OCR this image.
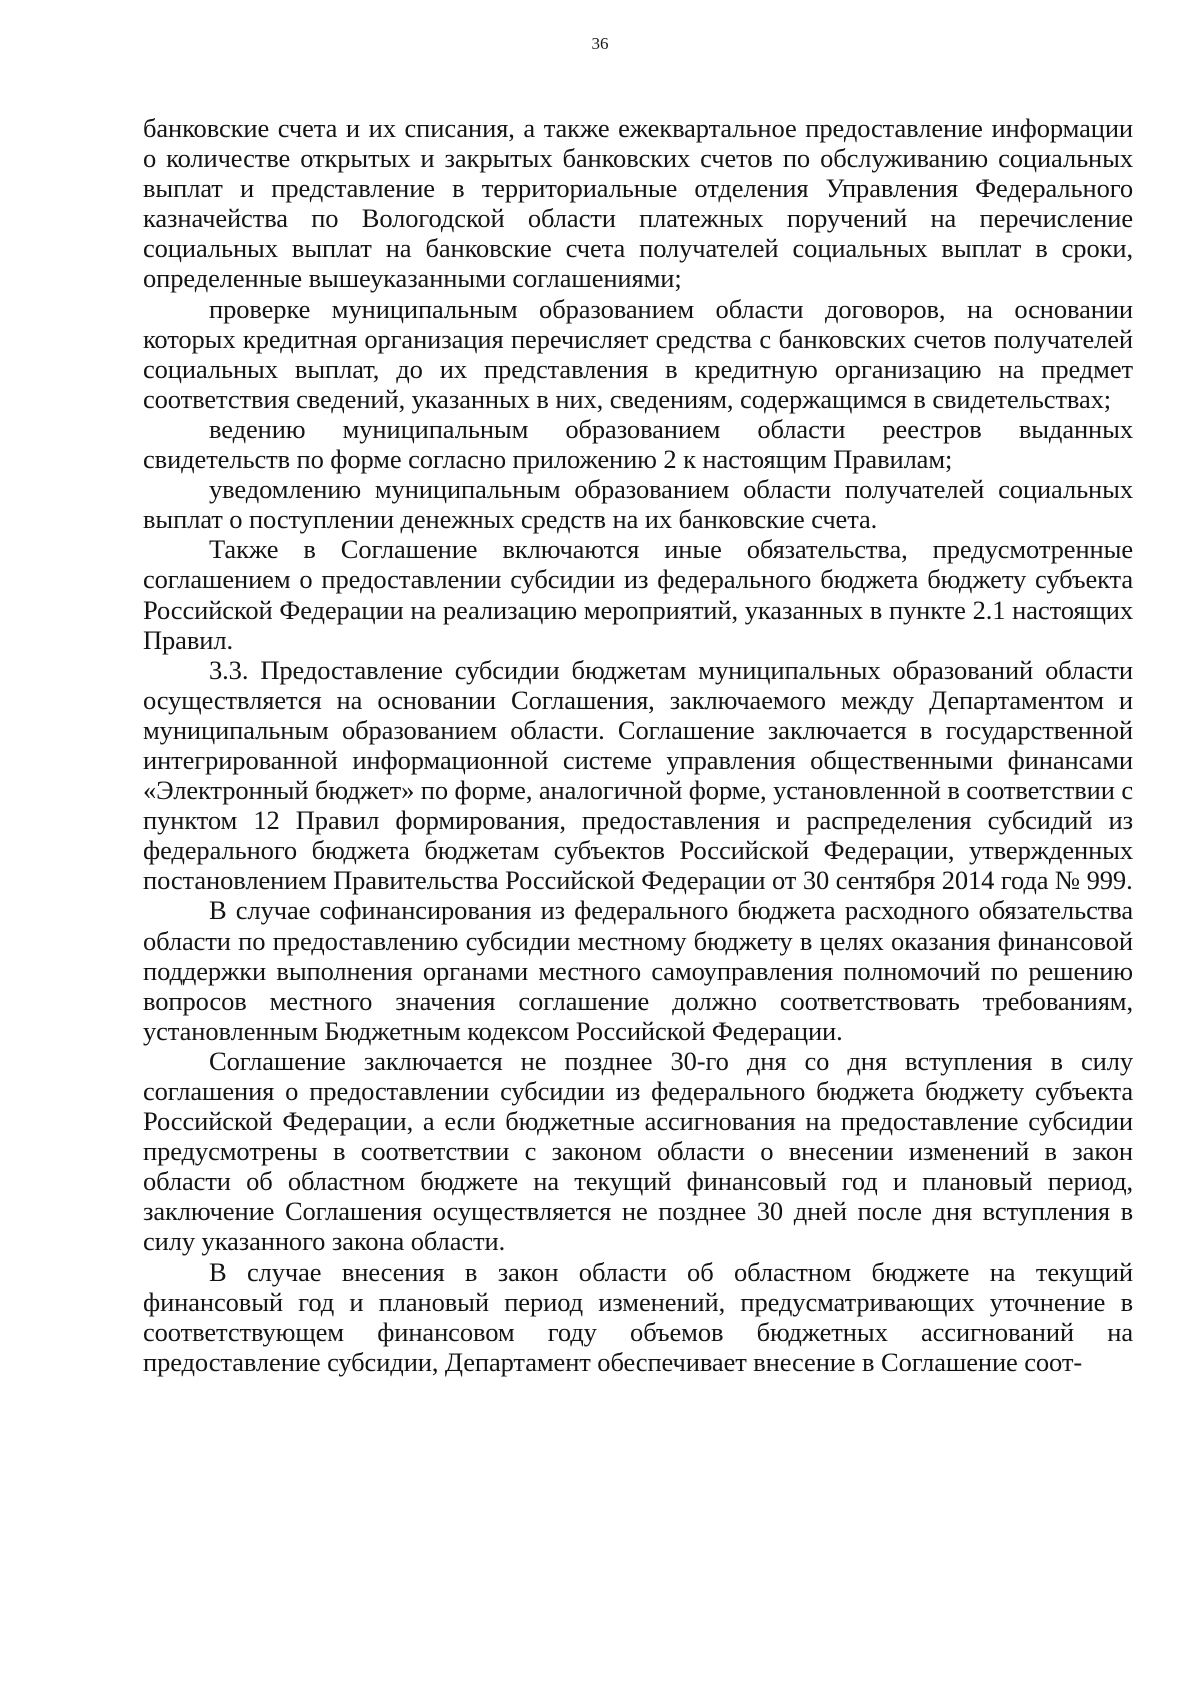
36

банковские счета и их списания, а также ежеквартальное предоставление информации о количестве открытых и закрытых банковских счетов по обслуживанию социальных выплат и представление в территориальные отделения Управления Федерального казначейства по Вологодской области платежных поручений на перечисление социальных выплат на банковские счета получателей социальных выплат в сроки, определенные вышеуказанными соглашениями;

проверке муниципальным образованием области договоров, на основании которых кредитная организация перечисляет средства с банковских счетов получателей социальных выплат, до их представления в кредитную организацию на предмет соответствия сведений, указанных в них, сведениям, содержащимся в свидетельствах;

ведению муниципальным образованием области реестров выданных свидетельств по форме согласно приложению 2 к настоящим Правилам;

уведомлению муниципальным образованием области получателей социальных выплат о поступлении денежных средств на их банковские счета.

Также в Соглашение включаются иные обязательства, предусмотренные соглашением о предоставлении субсидии из федерального бюджета бюджету субъекта Российской Федерации на реализацию мероприятий, указанных в пункте 2.1 настоящих Правил.

3.3. Предоставление субсидии бюджетам муниципальных образований области осуществляется на основании Соглашения, заключаемого между Департаментом и муниципальным образованием области. Соглашение заключается в государственной интегрированной информационной системе управления общественными финансами «Электронный бюджет» по форме, аналогичной форме, установленной в соответствии с пунктом 12 Правил формирования, предоставления и распределения субсидий из федерального бюджета бюджетам субъектов Российской Федерации, утвержденных постановлением Правительства Российской Федерации от 30 сентября 2014 года № 999.

В случае софинансирования из федерального бюджета расходного обязательства области по предоставлению субсидии местному бюджету в целях оказания финансовой поддержки выполнения органами местного самоуправления полномочий по решению вопросов местного значения соглашение должно соответствовать требованиям, установленным Бюджетным кодексом Российской Федерации.

Соглашение заключается не позднее 30-го дня со дня вступления в силу соглашения о предоставлении субсидии из федерального бюджета бюджету субъекта Российской Федерации, а если бюджетные ассигнования на предоставление субсидии предусмотрены в соответствии с законом области о внесении изменений в закон области об областном бюджете на текущий финансовый год и плановый период, заключение Соглашения осуществляется не позднее 30 дней после дня вступления в силу указанного закона области.

В случае внесения в закон области об областном бюджете на текущий финансовый год и плановый период изменений, предусматривающих уточнение в соответствующем финансовом году объемов бюджетных ассигнований на предоставление субсидии, Департамент обеспечивает внесение в Соглашение соот-
